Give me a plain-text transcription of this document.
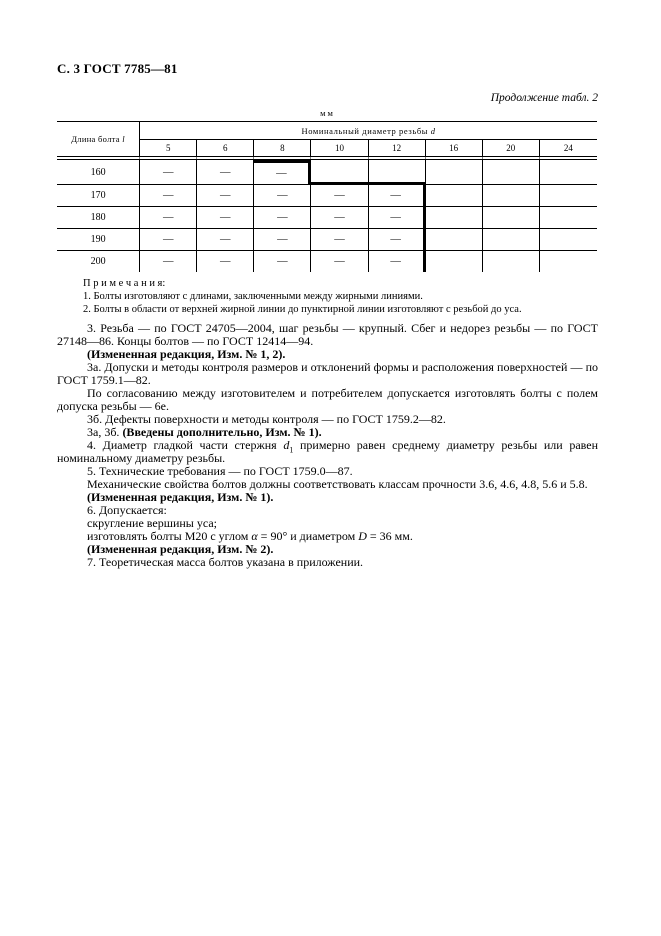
С. 3 ГОСТ 7785—81
Продолжение табл. 2
мм
Длина болта l	Номинальный диаметр резьбы d							
	5	6	8	10	12	16	20	24
160	—	—	—					
170	—	—	—	—	—			
180	—	—	—	—	—			
190	—	—	—	—	—			
200	—	—	—	—	—			
П р и м е ч а н и я:
1. Болты изготовляют с длинами, заключенными между жирными линиями.
2. Болты в области от верхней жирной линии до пунктирной линии изготовляют с резьбой до уса.

3. Резьба — по ГОСТ 24705—2004, шаг резьбы — крупный. Сбег и недорез резьбы — по ГОСТ 27148—86. Концы болтов — по ГОСТ 12414—94.

(Измененная редакция, Изм. № 1, 2).

3а. Допуски и методы контроля размеров и отклонений формы и расположения поверхностей — по ГОСТ 1759.1—82.

По согласованию между изготовителем и потребителем допускается изготовлять болты с полем допуска резьбы — 6е.

3б. Дефекты поверхности и методы контроля — по ГОСТ 1759.2—82.

3а, 3б. (Введены дополнительно, Изм. № 1).

4. Диаметр гладкой части стержня $d_1$ примерно равен среднему диаметру резьбы или равен номинальному диаметру резьбы.

5. Технические требования — по ГОСТ 1759.0—87.

Механические свойства болтов должны соответствовать классам прочности 3.6, 4.6, 4.8, 5.6 и 5.8.

(Измененная редакция, Изм. № 1).

6. Допускается:

скругление вершины уса;

изготовлять болты М20 с углом α = 90° и диаметром D = 36 мм.

(Измененная редакция, Изм. № 2).

7. Теоретическая масса болтов указана в приложении.
